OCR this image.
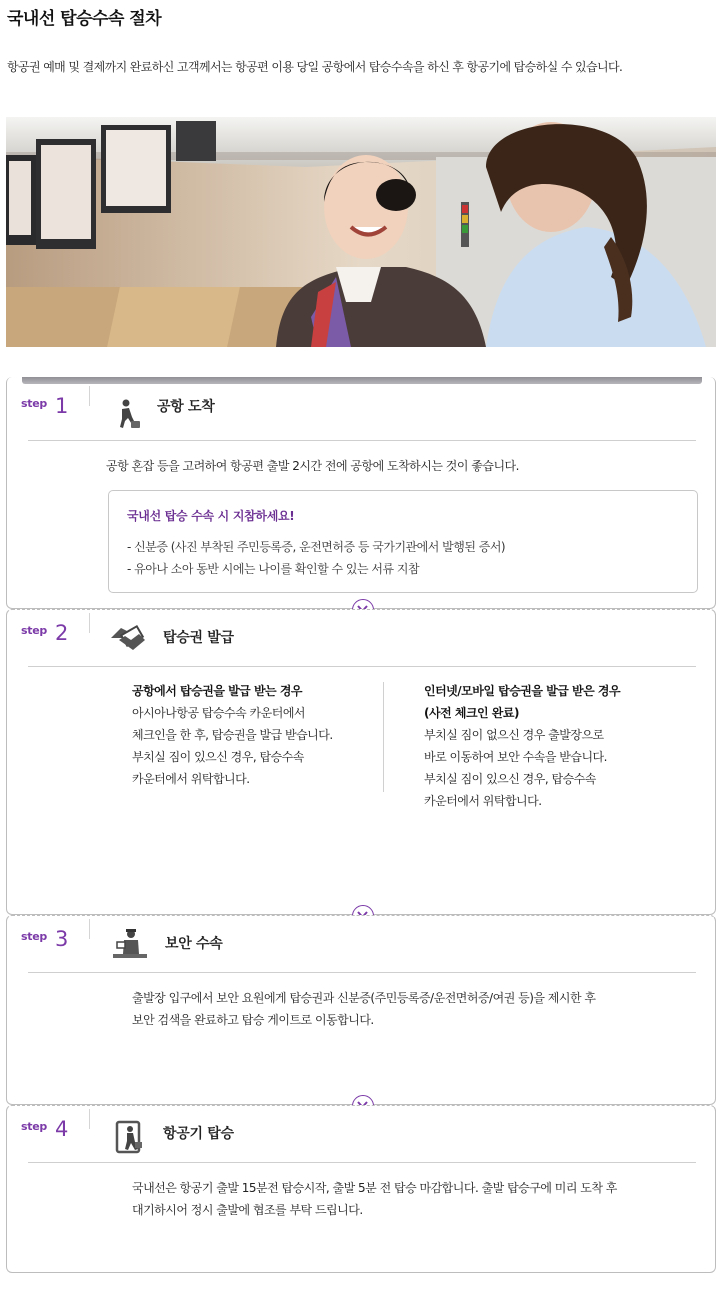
국내선 탑승수속 절차
항공권 예매 및 결제까지 완료하신 고객께서는 항공편 이용 당일 공항에서 탑승수속을 하신 후 항공기에 탑승하실 수 있습니다.
step 1	공항 도착
공항 혼잡 등을 고려하여 항공편 출발 2시간 전에 공항에 도착하시는 것이 좋습니다.
국내선 탑승 수속 시 지참하세요!
- 신분증 (사진 부착된 주민등록증, 운전면허증 등 국가기관에서 발행된 증서)
- 유아나 소아 동반 시에는 나이를 확인할 수 있는 서류 지참
step 2	탑승권 발급
공항에서 탑승권을 발급 받는 경우
아시아나항공 탑승수속 카운터에서
체크인을 한 후, 탑승권을 발급 받습니다.
부치실 짐이 있으신 경우, 탑승수속
카운터에서 위탁합니다.
인터넷/모바일 탑승권을 발급 받은 경우
(사전 체크인 완료)
부치실 짐이 없으신 경우 출발장으로
바로 이동하여 보안 수속을 받습니다.
부치실 짐이 있으신 경우, 탑승수속
카운터에서 위탁합니다.
step 3	보안 수속
출발장 입구에서 보안 요원에게 탑승권과 신분증(주민등록증/운전면허증/여권 등)을 제시한 후
보안 검색을 완료하고 탑승 게이트로 이동합니다.
step 4	항공기 탑승
국내선은 항공기 출발 15분전 탑승시작, 출발 5분 전 탑승 마감합니다. 출발 탑승구에 미리 도착 후
대기하시어 정시 출발에 협조를 부탁 드립니다.
